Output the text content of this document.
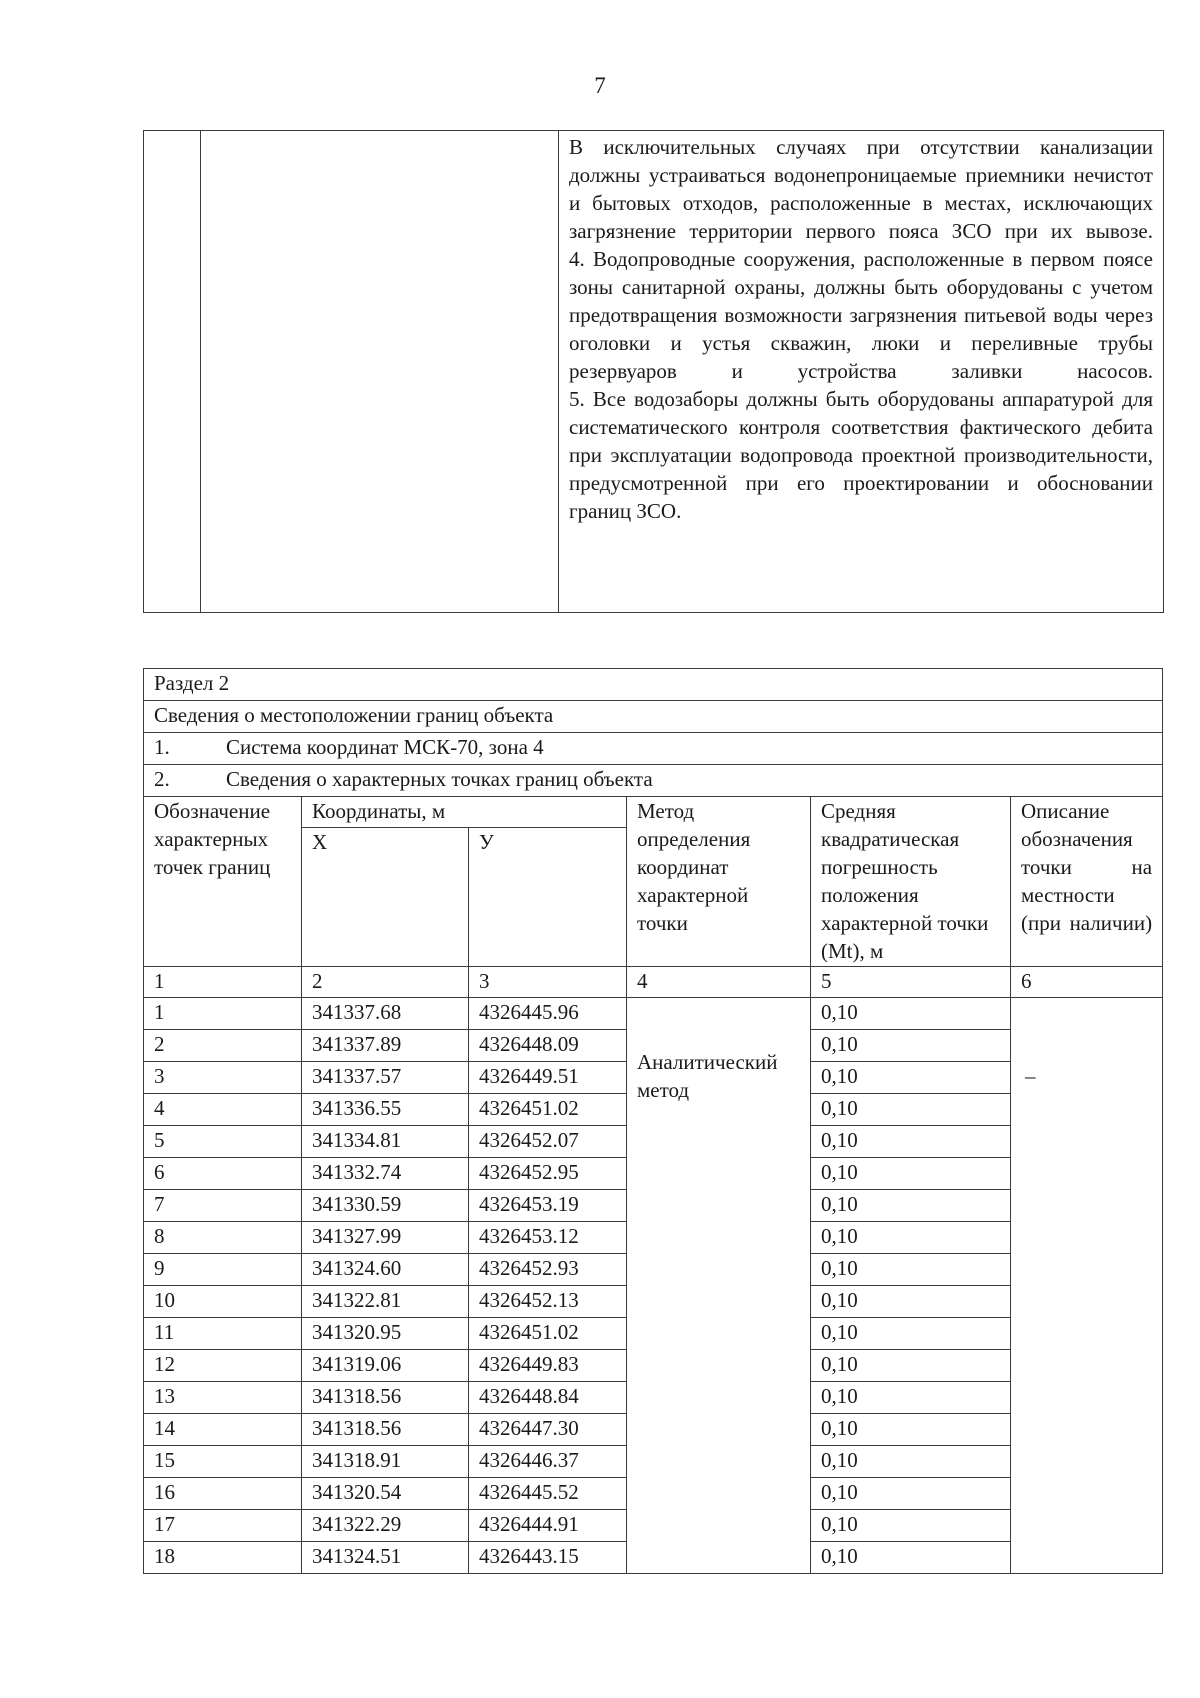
7

В исключительных случаях при отсутствии канализации должны устраиваться водонепроницаемые приемники нечистот и бытовых отходов, расположенные в местах, исключающих загрязнение территории первого пояса ЗСО при их вывозе.

4. Водопроводные сооружения, расположенные в первом поясе зоны санитарной охраны, должны быть оборудованы с учетом предотвращения возможности загрязнения питьевой воды через оголовки и устья скважин, люки и переливные трубы резервуаров и устройства заливки насосов.

5. Все водозаборы должны быть оборудованы аппаратурой для систематического контроля соответствия фактического дебита при эксплуатации водопровода проектной производительности, предусмотренной при его проектировании и обосновании границ ЗСО.

Раздел 2					
Сведения о местоположении границ объекта					
1. Система координат МСК-70, зона 4					
2. Сведения о характерных точках границ объекта					
Обозначение характерных точек границ	Координаты, м		Метод определения координат характерной точки	Средняя квадратическая погрешность положения характерной точки (Mt), м	Описание обозначения точки на местности (при наличии)
	X	У			
1	2	3	4	5	6
1	341337.68	4326445.96	Аналитический метод	0,10	–
2	341337.89	4326448.09		0,10	
3	341337.57	4326449.51		0,10	
4	341336.55	4326451.02		0,10	
5	341334.81	4326452.07		0,10	
6	341332.74	4326452.95		0,10	
7	341330.59	4326453.19		0,10	
8	341327.99	4326453.12		0,10	
9	341324.60	4326452.93		0,10	
10	341322.81	4326452.13		0,10	
11	341320.95	4326451.02		0,10	
12	341319.06	4326449.83		0,10	
13	341318.56	4326448.84		0,10	
14	341318.56	4326447.30		0,10	
15	341318.91	4326446.37		0,10	
16	341320.54	4326445.52		0,10	
17	341322.29	4326444.91		0,10	
18	341324.51	4326443.15		0,10	
